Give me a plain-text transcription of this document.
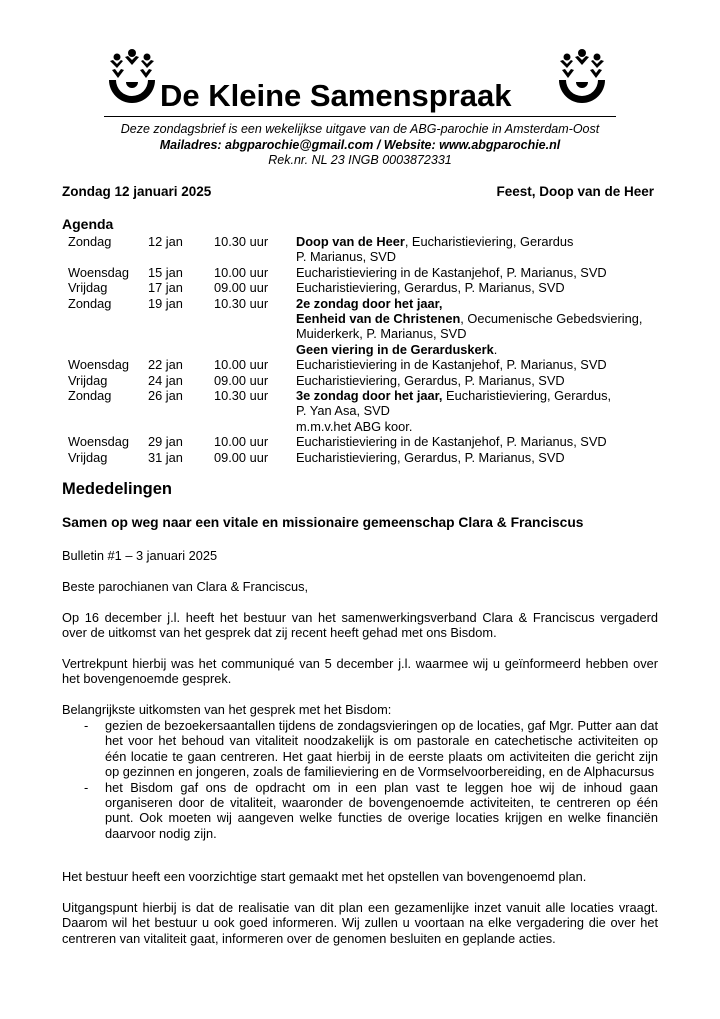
De Kleine Samenspraak
Deze zondagsbrief is een wekelijkse uitgave van de ABG-parochie in Amsterdam-Oost
Mailadres: abgparochie@gmail.com / Website: www.abgparochie.nl
Rek.nr. NL 23 INGB 0003872331
Zondag 12 januari 2025	Feest, Doop van de Heer
Agenda
Zondag	12 jan	10.30 uur	Doop van de Heer, Eucharistieviering, Gerardus
P. Marianus, SVD
Woensdag	15 jan	10.00 uur	Eucharistieviering in de Kastanjehof, P. Marianus, SVD
Vrijdag	17 jan	09.00 uur	Eucharistieviering, Gerardus, P. Marianus, SVD
Zondag	19 jan	10.30 uur	2e zondag door het jaar,
Eenheid van de Christenen, Oecumenische Gebedsviering,
Muiderkerk, P. Marianus, SVD
Geen viering in de Gerarduskerk.
Woensdag	22 jan	10.00 uur	Eucharistieviering in de Kastanjehof, P. Marianus, SVD
Vrijdag	24 jan	09.00 uur	Eucharistieviering, Gerardus, P. Marianus, SVD
Zondag	26 jan	10.30 uur	3e zondag door het jaar, Eucharistieviering, Gerardus,
P. Yan Asa, SVD
m.m.v.het ABG koor.
Woensdag	29 jan	10.00 uur	Eucharistieviering in de Kastanjehof, P. Marianus, SVD
Vrijdag	31 jan	09.00 uur	Eucharistieviering, Gerardus, P. Marianus, SVD
Mededelingen
Samen op weg naar een vitale en missionaire gemeenschap Clara & Franciscus
Bulletin #1 – 3 januari 2025
Beste parochianen van Clara & Franciscus,
Op 16 december j.l. heeft het bestuur van het samenwerkingsverband Clara & Franciscus vergaderd over de uitkomst van het gesprek dat zij recent heeft gehad met ons Bisdom.
Vertrekpunt hierbij was het communiqué van 5 december j.l. waarmee wij u geïnformeerd hebben over het bovengenoemde gesprek.
Belangrijkste uitkomsten van het gesprek met het Bisdom:
-	gezien de bezoekersaantallen tijdens de zondagsvieringen op de locaties, gaf Mgr. Putter aan dat het voor het behoud van vitaliteit noodzakelijk is om pastorale en catechetische activiteiten op één locatie te gaan centreren. Het gaat hierbij in de eerste plaats om activiteiten die gericht zijn op gezinnen en jongeren, zoals de familieviering en de Vormselvoorbereiding, en de Alphacursus
-	het Bisdom gaf ons de opdracht om in een plan vast te leggen hoe wij de inhoud gaan organiseren door de vitaliteit, waaronder de bovengenoemde activiteiten, te centreren op één punt. Ook moeten wij aangeven welke functies de overige locaties krijgen en welke financiën daarvoor nodig zijn.
Het bestuur heeft een voorzichtige start gemaakt met het opstellen van bovengenoemd plan.
Uitgangspunt hierbij is dat de realisatie van dit plan een gezamenlijke inzet vanuit alle locaties vraagt. Daarom wil het bestuur u ook goed informeren. Wij zullen u voortaan na elke vergadering die over het centreren van vitaliteit gaat, informeren over de genomen besluiten en geplande acties.
